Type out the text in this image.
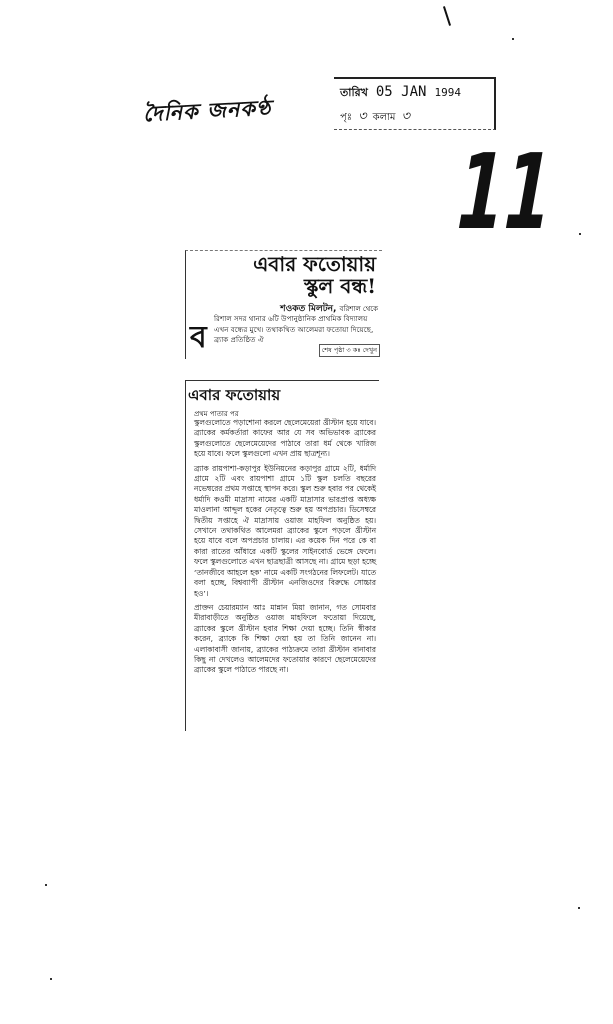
দৈনিক জনকণ্ঠ
তারিখ 05 JAN 1994
পৃঃ ৩ কলাম ৩
11
এবার ফতোয়ায়
স্কুল বন্ধ!
শওকত মিলটন, বরিশাল থেকে
ব
রিশাল সদর থানার ৬টি উপানুষ্ঠানিক প্রাথমিক বিদ্যালয় এখন বন্ধের মুখে। তথাকথিত আলেমরা ফতোয়া দিয়েছে, ব্র্যাক প্রতিষ্ঠিত ঐ
শেষ পৃষ্ঠা ৩ কঃ দেখুন
এবার ফতোয়ায়
প্রথম পাতার পর

স্কুলগুলোতে পড়াশোনা করলে ছেলেমেয়েরা খ্রীস্টান হয়ে যাবে। ব্র্যাকের কর্মকর্তারা কাফের আর যে সব অভিভাবক ব্র্যাকের স্কুলগুলোতে ছেলেমেয়েদের পাঠাবে তারা ধর্ম থেকে খারিজ হয়ে যাবে। ফলে স্কুলগুলো এখন প্রায় ছাত্রশূন্য।

ব্র্যাক রায়পাশা-কড়াপুর ইউনিয়নের কড়াপুর গ্রামে ২টি, ধর্মাদি গ্রামে ২টি এবং রায়পাশা গ্রামে ১টি স্কুল চলতি বছরের নভেম্বরের প্রথম সপ্তাহে স্থাপন করে। স্কুল শুরু হবার পর থেকেই ধর্মাদি কওমী মাদ্রাসা নামের একটি মাদ্রাসার ভারপ্রাপ্ত অধ্যক্ষ মাওলানা আব্দুল হকের নেতৃত্বে শুরু হয় অপপ্রচার। ডিসেম্বরে দ্বিতীয় সপ্তাহে ঐ মাদ্রাসায় ওয়াজ মাহফিল অনুষ্ঠিত হয়। সেখানে তথাকথিত আলেমরা ব্র্যাকের স্কুলে পড়লে খ্রীস্টান হয়ে যাবে বলে অপপ্রচার চালায়। এর কয়েক দিন পরে কে বা কারা রাতের আঁধারে একটি স্কুলের সাইনবোর্ড ভেঙ্গে ফেলে। ফলে স্কুলগুলোতে এখন ছাত্রছাত্রী আসছে না। গ্রামে ছড়া হচ্ছে ‘তানজীবে আহলে হক’ নামে একটি সংগঠনের লিফলেট। যাতে বলা হচ্ছে, বিশ্বব্যাপী খ্রীস্টান এনজিওদের বিরুদ্ধে সোচ্চার হও’।

প্রাক্তন চেয়ারম্যান আঃ মান্নান মিয়া জানান, গত সোমবার মীরাবাড়ীতে অনুষ্ঠিত ওয়াজ মাহফিলে ফতোয়া দিয়েছে, ব্র্যাকের স্কুলে খ্রীস্টান হবার শিক্ষা দেয়া হচ্ছে। তিনি স্বীকার করেন, ব্র্যাকে কি শিক্ষা দেয়া হয় তা তিনি জানেন না। এলাকাবাসী জানায়, ব্র্যাকের পাঠ্যক্রমে তারা খ্রীস্টান বানাবার কিছু না দেখলেও আলেমদের ফতোয়ার কারণে ছেলেমেয়েদের ব্র্যাকের স্কুলে পাঠাতে পারছে না।
